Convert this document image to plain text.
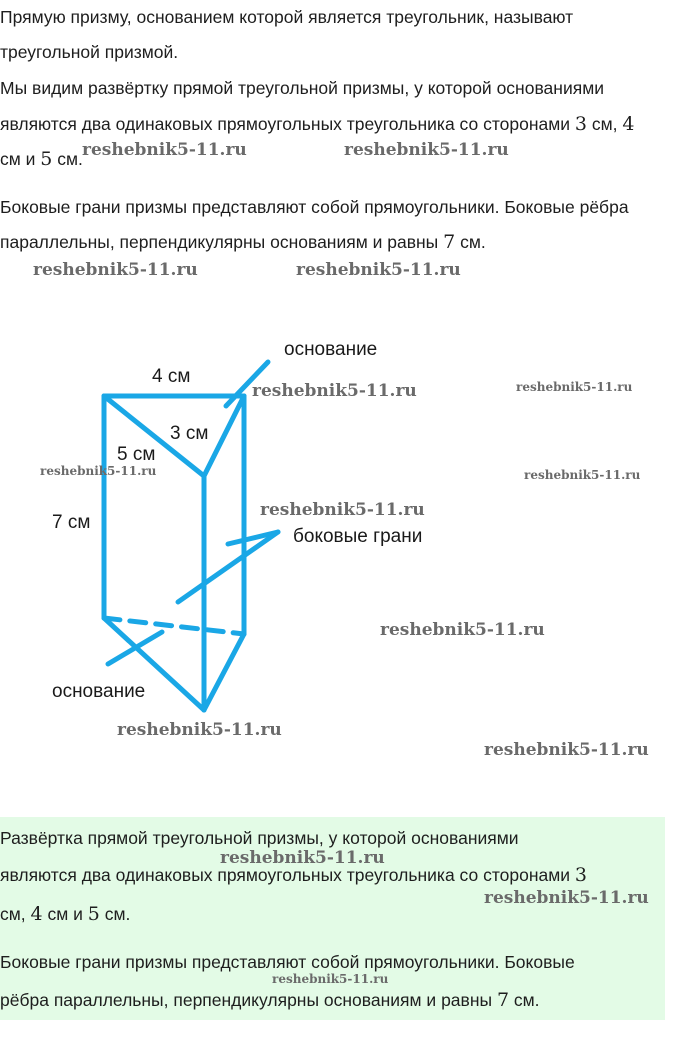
Прямую призму, основанием которой является треугольник, называют

треугольной призмой.

Мы видим развёртку прямой треугольной призмы, у которой основаниями

являются два одинаковых прямоугольных треугольника со сторонами 3 см, 4

см и 5 см.

Боковые грани призмы представляют собой прямоугольники. Боковые рёбра

параллельны, перпендикулярны основаниям и равны 7 см.

основание
4 см
3 см
5 см
7 см
боковые грани
основание

Развёртка прямой треугольной призмы, у которой основаниями

являются два одинаковых прямоугольных треугольника со сторонами 3

см, 4 см и 5 см.

Боковые грани призмы представляют собой прямоугольники. Боковые

рёбра параллельны, перпендикулярны основаниям и равны 7 см.

reshebnik5-11.ru	reshebnik5-11.ru
reshebnik5-11.ru	reshebnik5-11.ru
reshebnik5-11.ru	reshebnik5-11.ru
reshebnik5-11.ru	reshebnik5-11.ru
reshebnik5-11.ru
reshebnik5-11.ru
reshebnik5-11.ru
reshebnik5-11.ru
reshebnik5-11.ru
reshebnik5-11.ru
reshebnik5-11.ru
